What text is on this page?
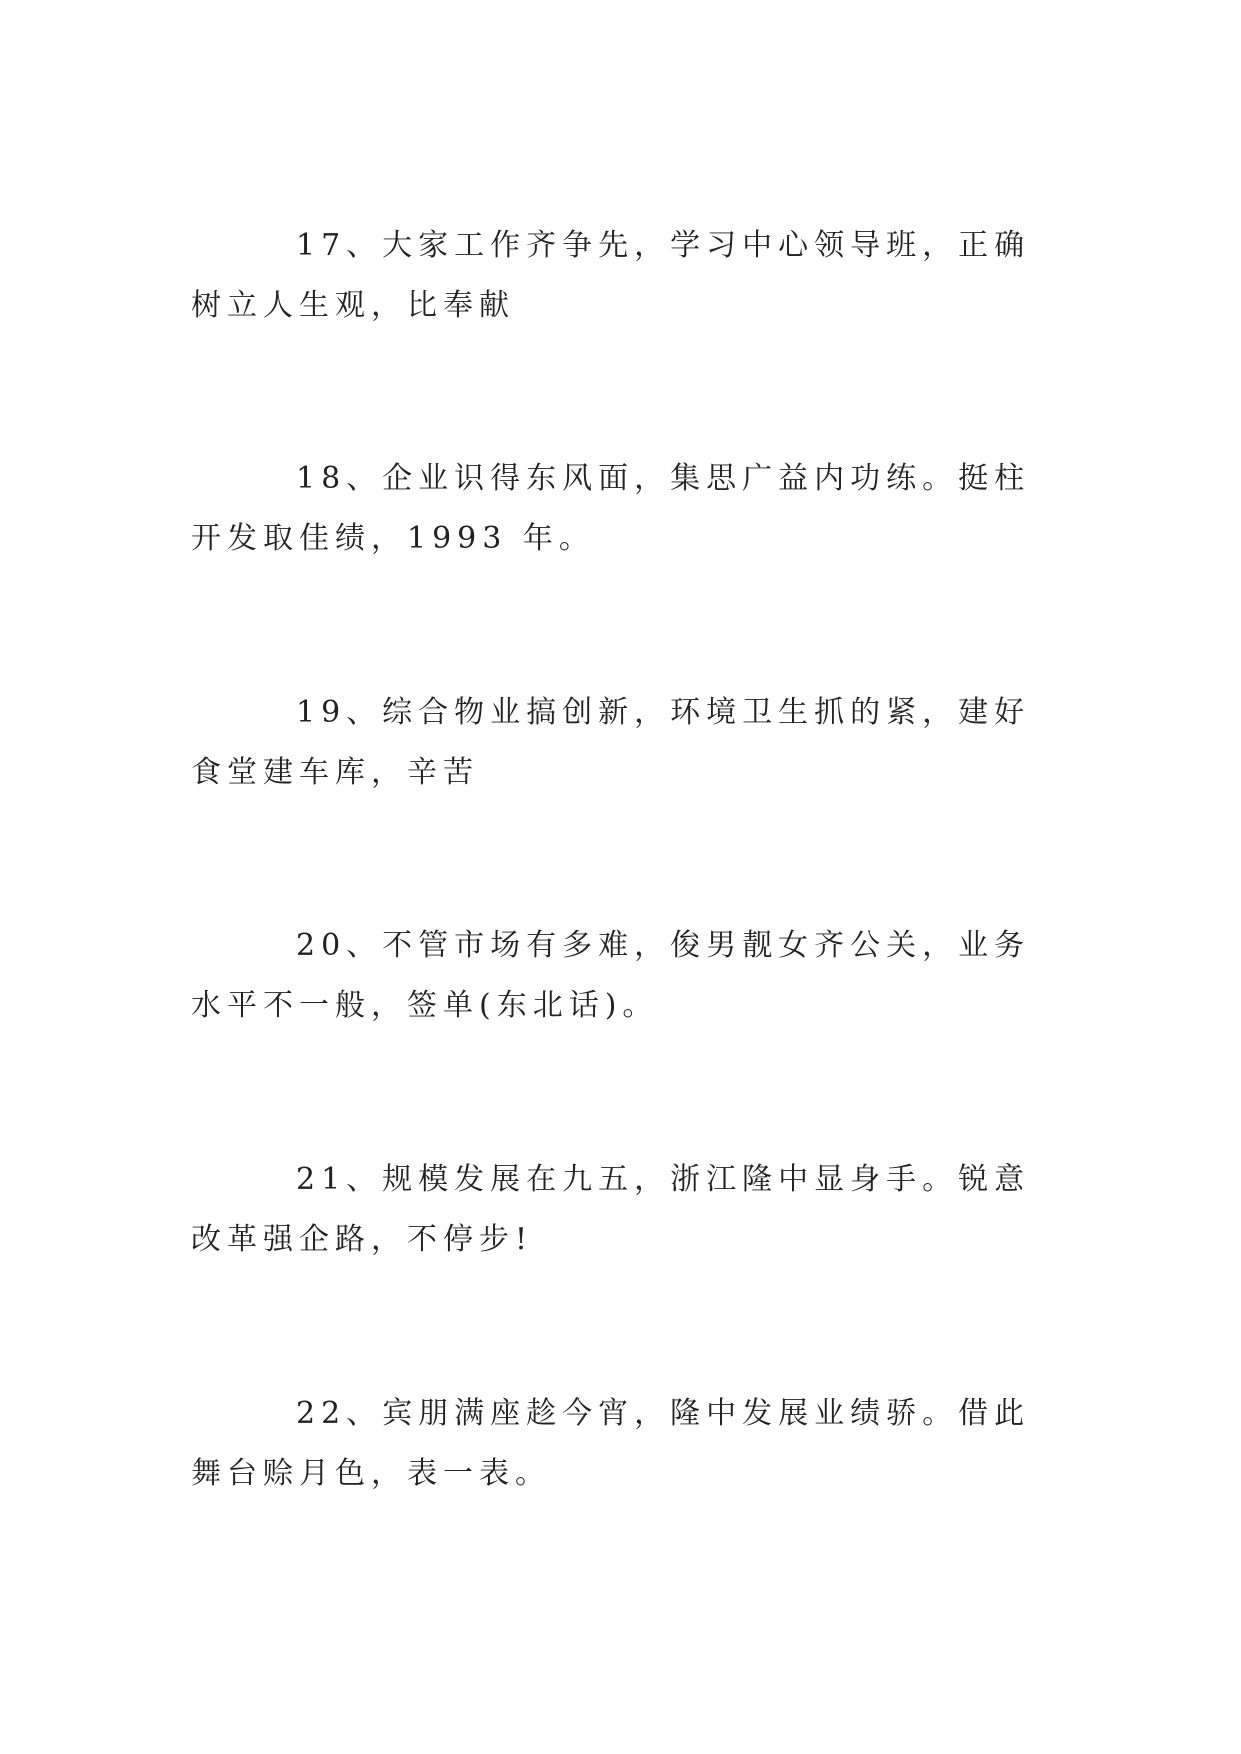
17、大家工作齐争先，学习中心领导班，正确树立人生观，比奉献

18、企业识得东风面，集思广益内功练。挺柱开发取佳绩，1993 年。

19、综合物业搞创新，环境卫生抓的紧，建好食堂建车库，辛苦

20、不管市场有多难，俊男靓女齐公关，业务水平不一般，签单(东北话)。

21、规模发展在九五，浙江隆中显身手。锐意改革强企路，不停步!

22、宾朋满座趁今宵，隆中发展业绩骄。借此舞台赊月色，表一表。
